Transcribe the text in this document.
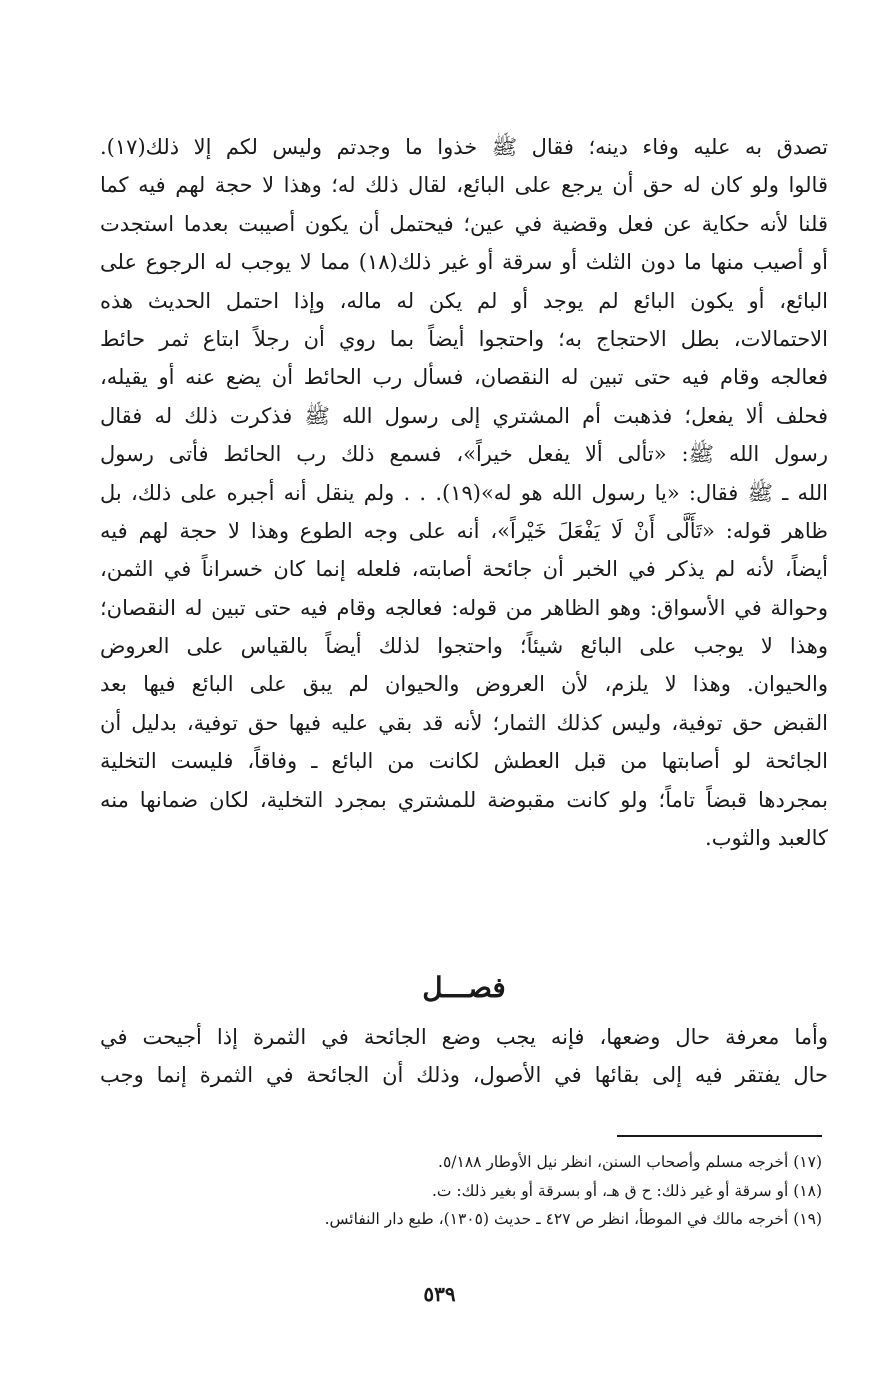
تصدق به عليه وفاء دينه؛ فقال ﷺ خذوا ما وجدتم وليس لكم إلا ذلك(١٧).
قالوا ولو كان له حق أن يرجع على البائع، لقال ذلك له؛ وهذا لا حجة لهم فيه كما
قلنا لأنه حكاية عن فعل وقضية في عين؛ فيحتمل أن يكون أصيبت بعدما استجدت
أو أصيب منها ما دون الثلث أو سرقة أو غير ذلك(١٨) مما لا يوجب له الرجوع على
البائع، أو يكون البائع لم يوجد أو لم يكن له ماله، وإذا احتمل الحديث هذه
الاحتمالات، بطل الاحتجاج به؛ واحتجوا أيضاً بما روي أن رجلاً ابتاع ثمر حائط
فعالجه وقام فيه حتى تبين له النقصان، فسأل رب الحائط أن يضع عنه أو يقيله،
فحلف ألا يفعل؛ فذهبت أم المشتري إلى رسول الله ﷺ فذكرت ذلك له فقال
رسول الله ﷺ: «تألى ألا يفعل خيراً»، فسمع ذلك رب الحائط فأتى رسول
الله ـ ﷺ فقال: «يا رسول الله هو له»(١٩). . . ولم ينقل أنه أجبره على ذلك، بل
ظاهر قوله: «تَأَلَّى أَنْ لَا يَفْعَلَ خَيْراً»، أنه على وجه الطوع وهذا لا حجة لهم فيه
أيضاً، لأنه لم يذكر في الخبر أن جائحة أصابته، فلعله إنما كان خسراناً في الثمن،
وحوالة في الأسواق: وهو الظاهر من قوله: فعالجه وقام فيه حتى تبين له النقصان؛
وهذا لا يوجب على البائع شيئاً؛ واحتجوا لذلك أيضاً بالقياس على العروض
والحيوان. وهذا لا يلزم، لأن العروض والحيوان لم يبق على البائع فيها بعد
القبض حق توفية، وليس كذلك الثمار؛ لأنه قد بقي عليه فيها حق توفية، بدليل أن
الجائحة لو أصابتها من قبل العطش لكانت من البائع ـ وفاقاً، فليست التخلية
بمجردها قبضاً تاماً؛ ولو كانت مقبوضة للمشتري بمجرد التخلية، لكان ضمانها منه
كالعبد والثوب.
فصـــل
وأما معرفة حال وضعها، فإنه يجب وضع الجائحة في الثمرة إذا أجيحت في
حال يفتقر فيه إلى بقائها في الأصول، وذلك أن الجائحة في الثمرة إنما وجب
(١٧) أخرجه مسلم وأصحاب السنن، انظر نيل الأوطار ٥/١٨٨.
(١٨) أو سرقة أو غير ذلك: ح ق هـ، أو بسرقة أو بغير ذلك: ت.
(١٩) أخرجه مالك في الموطأ، انظر ص ٤٢٧ ـ حديث (١٣٠٥)، طبع دار النفائس.
٥٣٩
